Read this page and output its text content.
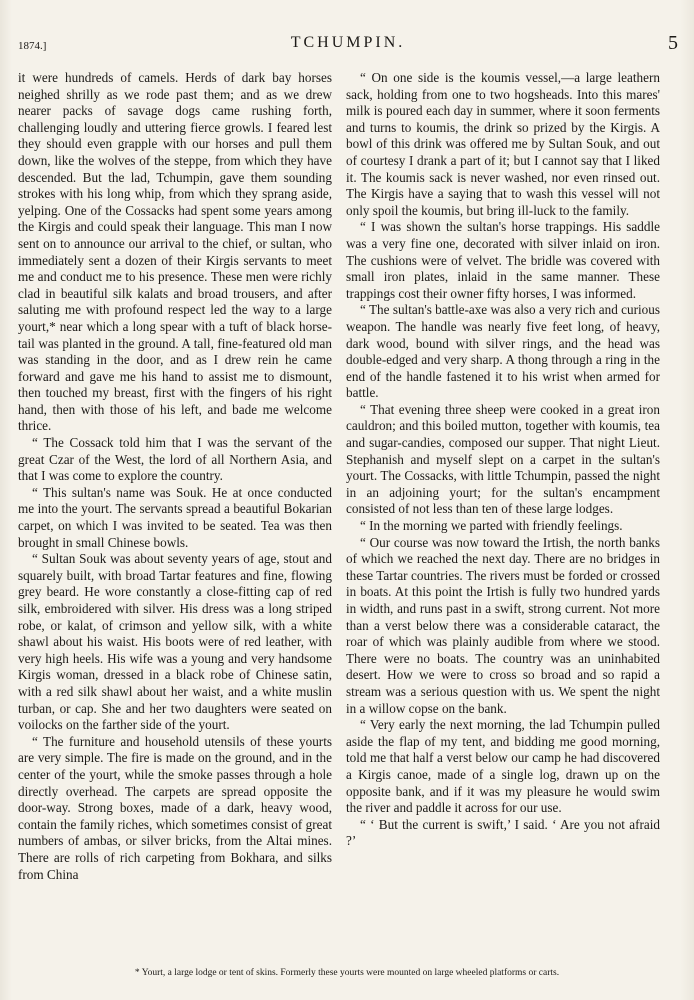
1874.]	TCHUMPIN.	5

it were hundreds of camels. Herds of dark bay horses neighed shrilly as we rode past them; and as we drew nearer packs of savage dogs came rushing forth, challenging loudly and uttering fierce growls. I feared lest they should even grapple with our horses and pull them down, like the wolves of the steppe, from which they have descended. But the lad, Tchumpin, gave them sounding strokes with his long whip, from which they sprang aside, yelping. One of the Cossacks had spent some years among the Kirgis and could speak their language. This man I now sent on to announce our arrival to the chief, or sultan, who immediately sent a dozen of their Kirgis servants to meet me and conduct me to his presence. These men were richly clad in beautiful silk kalats and broad trousers, and after saluting me with profound respect led the way to a large yourt,* near which a long spear with a tuft of black horse-tail was planted in the ground. A tall, fine-featured old man was standing in the door, and as I drew rein he came forward and gave me his hand to assist me to dismount, then touched my breast, first with the fingers of his right hand, then with those of his left, and bade me welcome thrice.

“ The Cossack told him that I was the servant of the great Czar of the West, the lord of all Northern Asia, and that I was come to explore the country.

“ This sultan's name was Souk. He at once conducted me into the yourt. The servants spread a beautiful Bokarian carpet, on which I was invited to be seated. Tea was then brought in small Chinese bowls.

“ Sultan Souk was about seventy years of age, stout and squarely built, with broad Tartar features and fine, flowing grey beard. He wore constantly a close-fitting cap of red silk, embroidered with silver. His dress was a long striped robe, or kalat, of crimson and yellow silk, with a white shawl about his waist. His boots were of red leather, with very high heels. His wife was a young and very handsome Kirgis woman, dressed in a black robe of Chinese satin, with a red silk shawl about her waist, and a white muslin turban, or cap. She and her two daughters were seated on voilocks on the farther side of the yourt.

“ The furniture and household utensils of these yourts are very simple. The fire is made on the ground, and in the center of the yourt, while the smoke passes through a hole directly overhead. The carpets are spread opposite the door-way. Strong boxes, made of a dark, heavy wood, contain the family riches, which sometimes consist of great numbers of ambas, or silver bricks, from the Altai mines. There are rolls of rich carpeting from Bokhara, and silks from China

“ On one side is the koumis vessel,—a large leathern sack, holding from one to two hogsheads. Into this mares' milk is poured each day in summer, where it soon ferments and turns to koumis, the drink so prized by the Kirgis. A bowl of this drink was offered me by Sultan Souk, and out of courtesy I drank a part of it; but I cannot say that I liked it. The koumis sack is never washed, nor even rinsed out. The Kirgis have a saying that to wash this vessel will not only spoil the koumis, but bring ill-luck to the family.

“ I was shown the sultan's horse trappings. His saddle was a very fine one, decorated with silver inlaid on iron. The cushions were of velvet. The bridle was covered with small iron plates, inlaid in the same manner. These trappings cost their owner fifty horses, I was informed.

“ The sultan's battle-axe was also a very rich and curious weapon. The handle was nearly five feet long, of heavy, dark wood, bound with silver rings, and the head was double-edged and very sharp. A thong through a ring in the end of the handle fastened it to his wrist when armed for battle.

“ That evening three sheep were cooked in a great iron cauldron; and this boiled mutton, together with koumis, tea and sugar-candies, composed our supper. That night Lieut. Stephanish and myself slept on a carpet in the sultan's yourt. The Cossacks, with little Tchumpin, passed the night in an adjoining yourt; for the sultan's encampment consisted of not less than ten of these large lodges.

“ In the morning we parted with friendly feelings.

“ Our course was now toward the Irtish, the north banks of which we reached the next day. There are no bridges in these Tartar countries. The rivers must be forded or crossed in boats. At this point the Irtish is fully two hundred yards in width, and runs past in a swift, strong current. Not more than a verst below there was a considerable cataract, the roar of which was plainly audible from where we stood. There were no boats. The country was an uninhabited desert. How we were to cross so broad and so rapid a stream was a serious question with us. We spent the night in a willow copse on the bank.

“ Very early the next morning, the lad Tchumpin pulled aside the flap of my tent, and bidding me good morning, told me that half a verst below our camp he had discovered a Kirgis canoe, made of a single log, drawn up on the opposite bank, and if it was my pleasure he would swim the river and paddle it across for our use.

“ ‘ But the current is swift,’ I said. ‘ Are you not afraid ?’

* Yourt, a large lodge or tent of skins. Formerly these yourts were mounted on large wheeled platforms or carts.
